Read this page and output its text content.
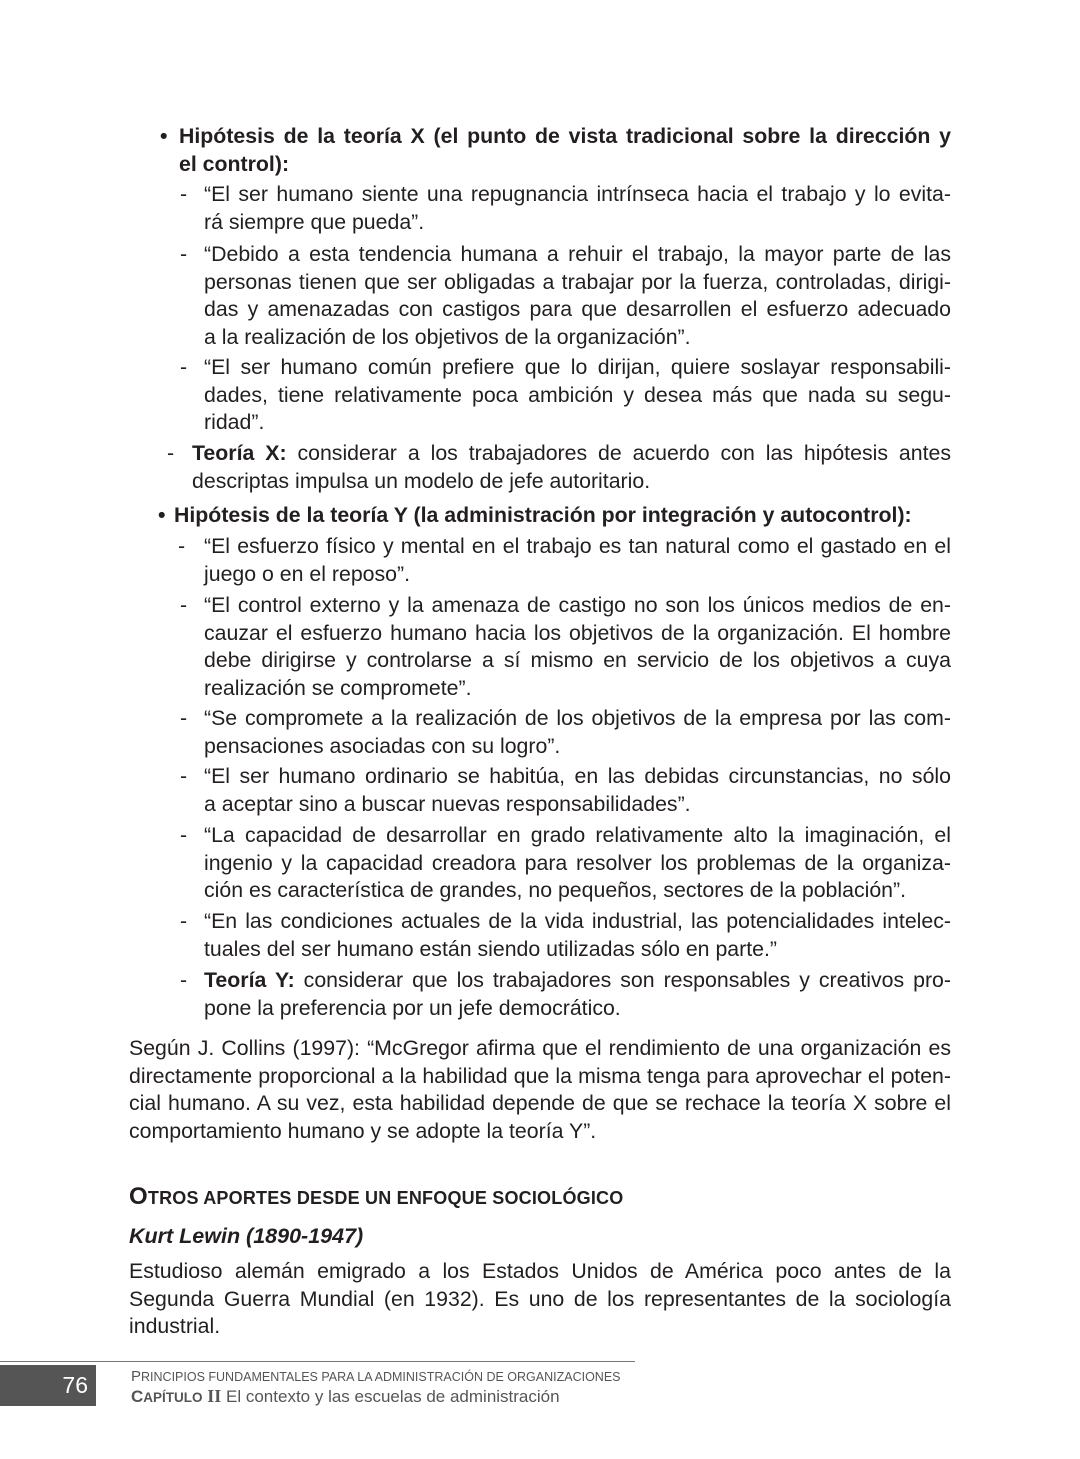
• Hipótesis de la teoría X (el punto de vista tradicional sobre la dirección y
el control):
- “El ser humano siente una repugnancia intrínseca hacia el trabajo y lo evita-
rá siempre que pueda”.
- “Debido a esta tendencia humana a rehuir el trabajo, la mayor parte de las
personas tienen que ser obligadas a trabajar por la fuerza, controladas, dirigi-
das y amenazadas con castigos para que desarrollen el esfuerzo adecuado
a la realización de los objetivos de la organización”.
- “El ser humano común prefiere que lo dirijan, quiere soslayar responsabili-
dades, tiene relativamente poca ambición y desea más que nada su segu-
ridad”.
- Teoría X: considerar a los trabajadores de acuerdo con las hipótesis antes
descriptas impulsa un modelo de jefe autoritario.
• Hipótesis de la teoría Y (la administración por integración y autocontrol):
- “El esfuerzo físico y mental en el trabajo es tan natural como el gastado en el
juego o en el reposo”.
- “El control externo y la amenaza de castigo no son los únicos medios de en-
cauzar el esfuerzo humano hacia los objetivos de la organización. El hombre
debe dirigirse y controlarse a sí mismo en servicio de los objetivos a cuya
realización se compromete”.
- “Se compromete a la realización de los objetivos de la empresa por las com-
pensaciones asociadas con su logro”.
- “El ser humano ordinario se habitúa, en las debidas circunstancias, no sólo
a aceptar sino a buscar nuevas responsabilidades”.
- “La capacidad de desarrollar en grado relativamente alto la imaginación, el
ingenio y la capacidad creadora para resolver los problemas de la organiza-
ción es característica de grandes, no pequeños, sectores de la población”.
- “En las condiciones actuales de la vida industrial, las potencialidades intelec-
tuales del ser humano están siendo utilizadas sólo en parte.”
- Teoría Y: considerar que los trabajadores son responsables y creativos pro-
pone la preferencia por un jefe democrático.
Según J. Collins (1997): “McGregor afirma que el rendimiento de una organización es
directamente proporcional a la habilidad que la misma tenga para aprovechar el poten-
cial humano. A su vez, esta habilidad depende de que se rechace la teoría X sobre el
comportamiento humano y se adopte la teoría Y”.
Estudioso alemán emigrado a los Estados Unidos de América poco antes de la
Segunda Guerra Mundial (en 1932). Es uno de los representantes de la sociología
industrial.
OTROS APORTES DESDE UN ENFOQUE SOCIOLÓGICO
Kurt Lewin (1890-1947)
76	PRINCIPIOS FUNDAMENTALES PARA LA ADMINISTRACIÓN DE ORGANIZACIONES
CAPÍTULO II El contexto y las escuelas de administración
